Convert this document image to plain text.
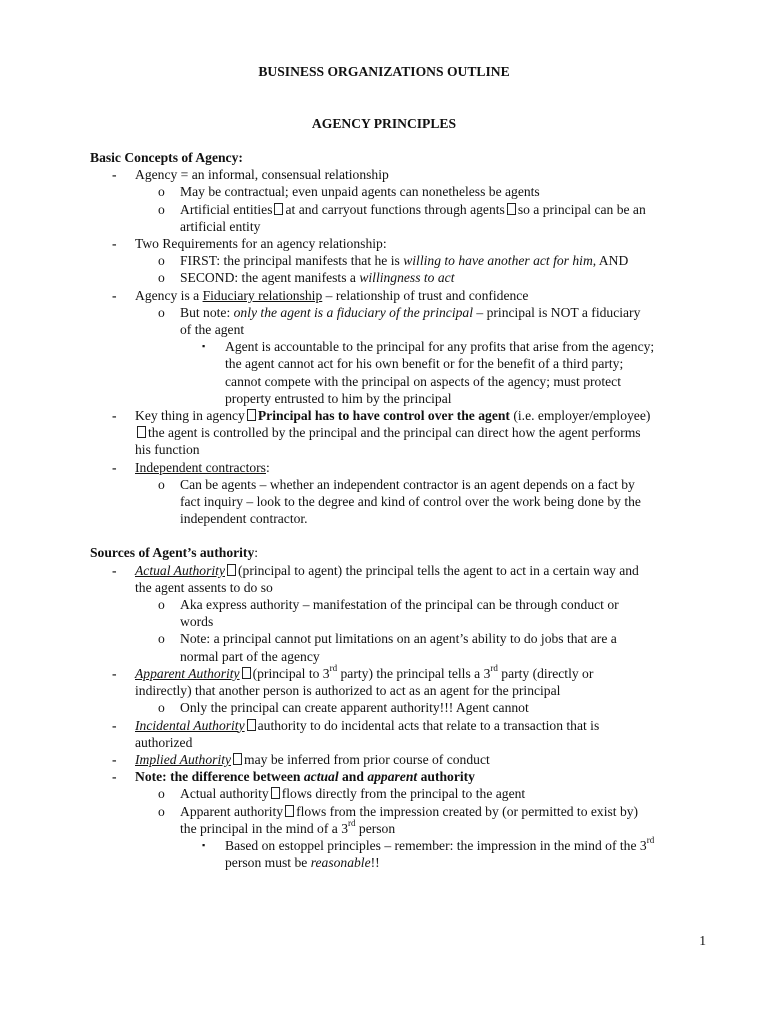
BUSINESS ORGANIZATIONS OUTLINE
AGENCY PRINCIPLES
Basic Concepts of Agency:
- Agency = an informal, consensual relationship
o May be contractual; even unpaid agents can nonetheless be agents
o Artificial entities at and carryout functions through agents so a principal can be an
artificial entity
- Two Requirements for an agency relationship:
o FIRST: the principal manifests that he is willing to have another act for him, AND
o SECOND: the agent manifests a willingness to act
- Agency is a Fiduciary relationship – relationship of trust and confidence
o But note: only the agent is a fiduciary of the principal – principal is NOT a fiduciary
of the agent
▪ Agent is accountable to the principal for any profits that arise from the agency;
the agent cannot act for his own benefit or for the benefit of a third party;
cannot compete with the principal on aspects of the agency; must protect
property entrusted to him by the principal
- Key thing in agency Principal has to have control over the agent (i.e. employer/employee)
the agent is controlled by the principal and the principal can direct how the agent performs
his function
- Independent contractors:
o Can be agents – whether an independent contractor is an agent depends on a fact by
fact inquiry – look to the degree and kind of control over the work being done by the
independent contractor.
Sources of Agent’s authority:
- Actual Authority (principal to agent) the principal tells the agent to act in a certain way and
the agent assents to do so
o Aka express authority – manifestation of the principal can be through conduct or
words
o Note: a principal cannot put limitations on an agent’s ability to do jobs that are a
normal part of the agency
- Apparent Authority (principal to 3rd party) the principal tells a 3rd party (directly or
indirectly) that another person is authorized to act as an agent for the principal
o Only the principal can create apparent authority!!! Agent cannot
- Incidental Authority authority to do incidental acts that relate to a transaction that is
authorized
- Implied Authority may be inferred from prior course of conduct
- Note: the difference between actual and apparent authority
o Actual authority flows directly from the principal to the agent
o Apparent authority flows from the impression created by (or permitted to exist by)
the principal in the mind of a 3rd person
▪ Based on estoppel principles – remember: the impression in the mind of the 3rd
person must be reasonable!!
1
